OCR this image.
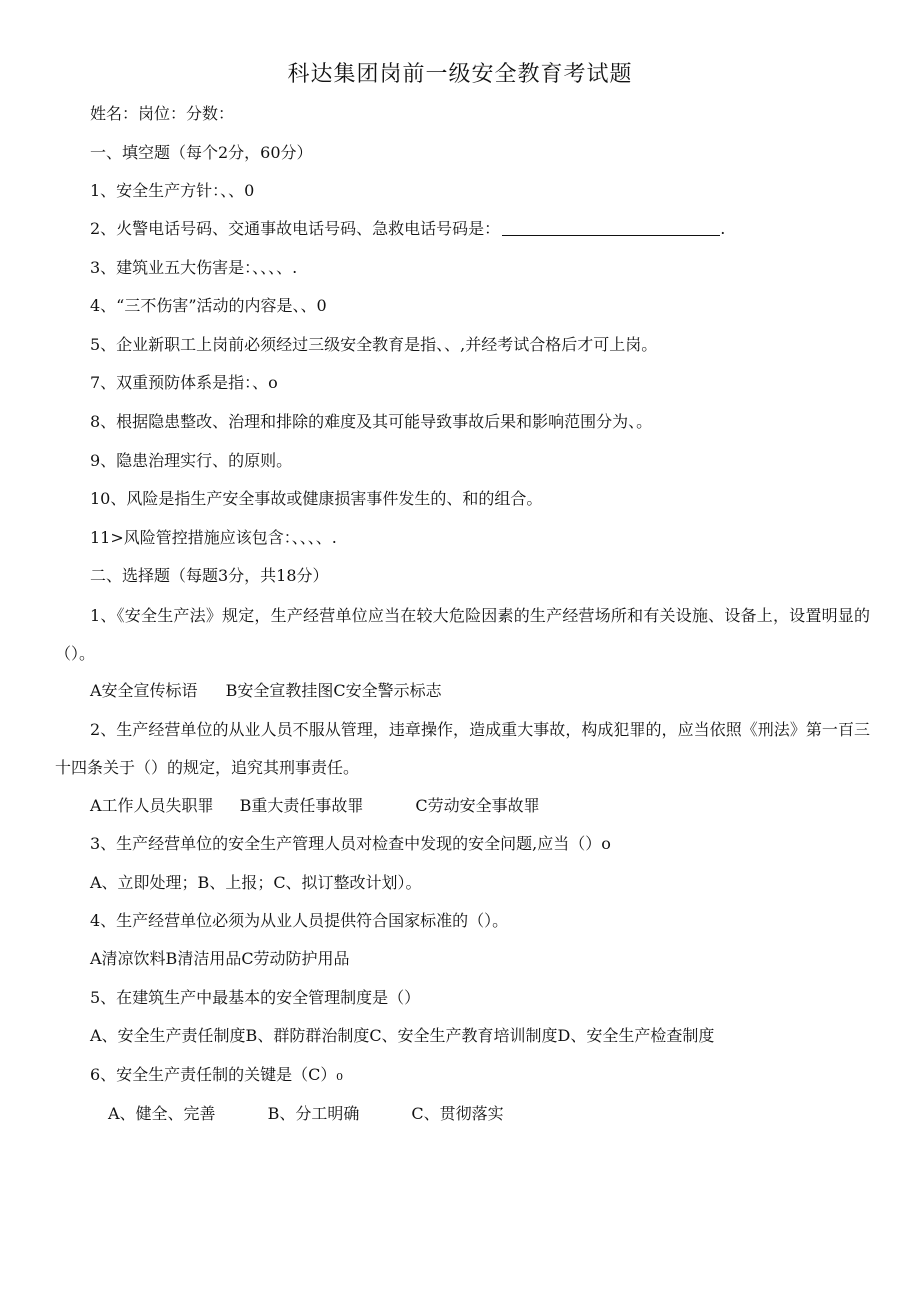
科达集团岗前一级安全教育考试题
姓名：岗位：分数：
一、填空题（每个2分，60分）
1、安全生产方针：、、0
2、火警电话号码、交通事故电话号码、急救电话号码是：	.
3、建筑业五大伤害是：、、、、.
4、“三不伤害”活动的内容是、、0
5、企业新职工上岗前必须经过三级安全教育是指、、,并经考试合格后才可上岗。
7、双重预防体系是指：、o
8、根据隐患整改、治理和排除的难度及其可能导致事故后果和影响范围分为、。
9、隐患治理实行、的原则。
10、风险是指生产安全事故或健康损害事件发生的、和的组合。
11>风险管控措施应该包含：、、、、.
二、选择题（每题3分，共18分）
1、《安全生产法》规定，生产经营单位应当在较大危险因素的生产经营场所和有关设施、设备上，设置明显的（）。
A安全宣传标语 B安全宣教挂图C安全警示标志
2、生产经营单位的从业人员不服从管理，违章操作，造成重大事故，构成犯罪的，应当依照《刑法》第一百三十四条关于（）的规定，追究其刑事责任。
A工作人员失职罪 B重大责任事故罪	C劳动安全事故罪
3、生产经营单位的安全生产管理人员对检查中发现的安全问题,应当（）o
A、立即处理；B、上报；C、拟订整改计划）。
4、生产经营单位必须为从业人员提供符合国家标准的（）。
A清凉饮料B清洁用品C劳动防护用品
5、在建筑生产中最基本的安全管理制度是（）
A、安全生产责任制度B、群防群治制度C、安全生产教育培训制度D、安全生产检查制度
6、安全生产责任制的关键是（C）₀
A、健全、完善	B、分工明确	C、贯彻落实
